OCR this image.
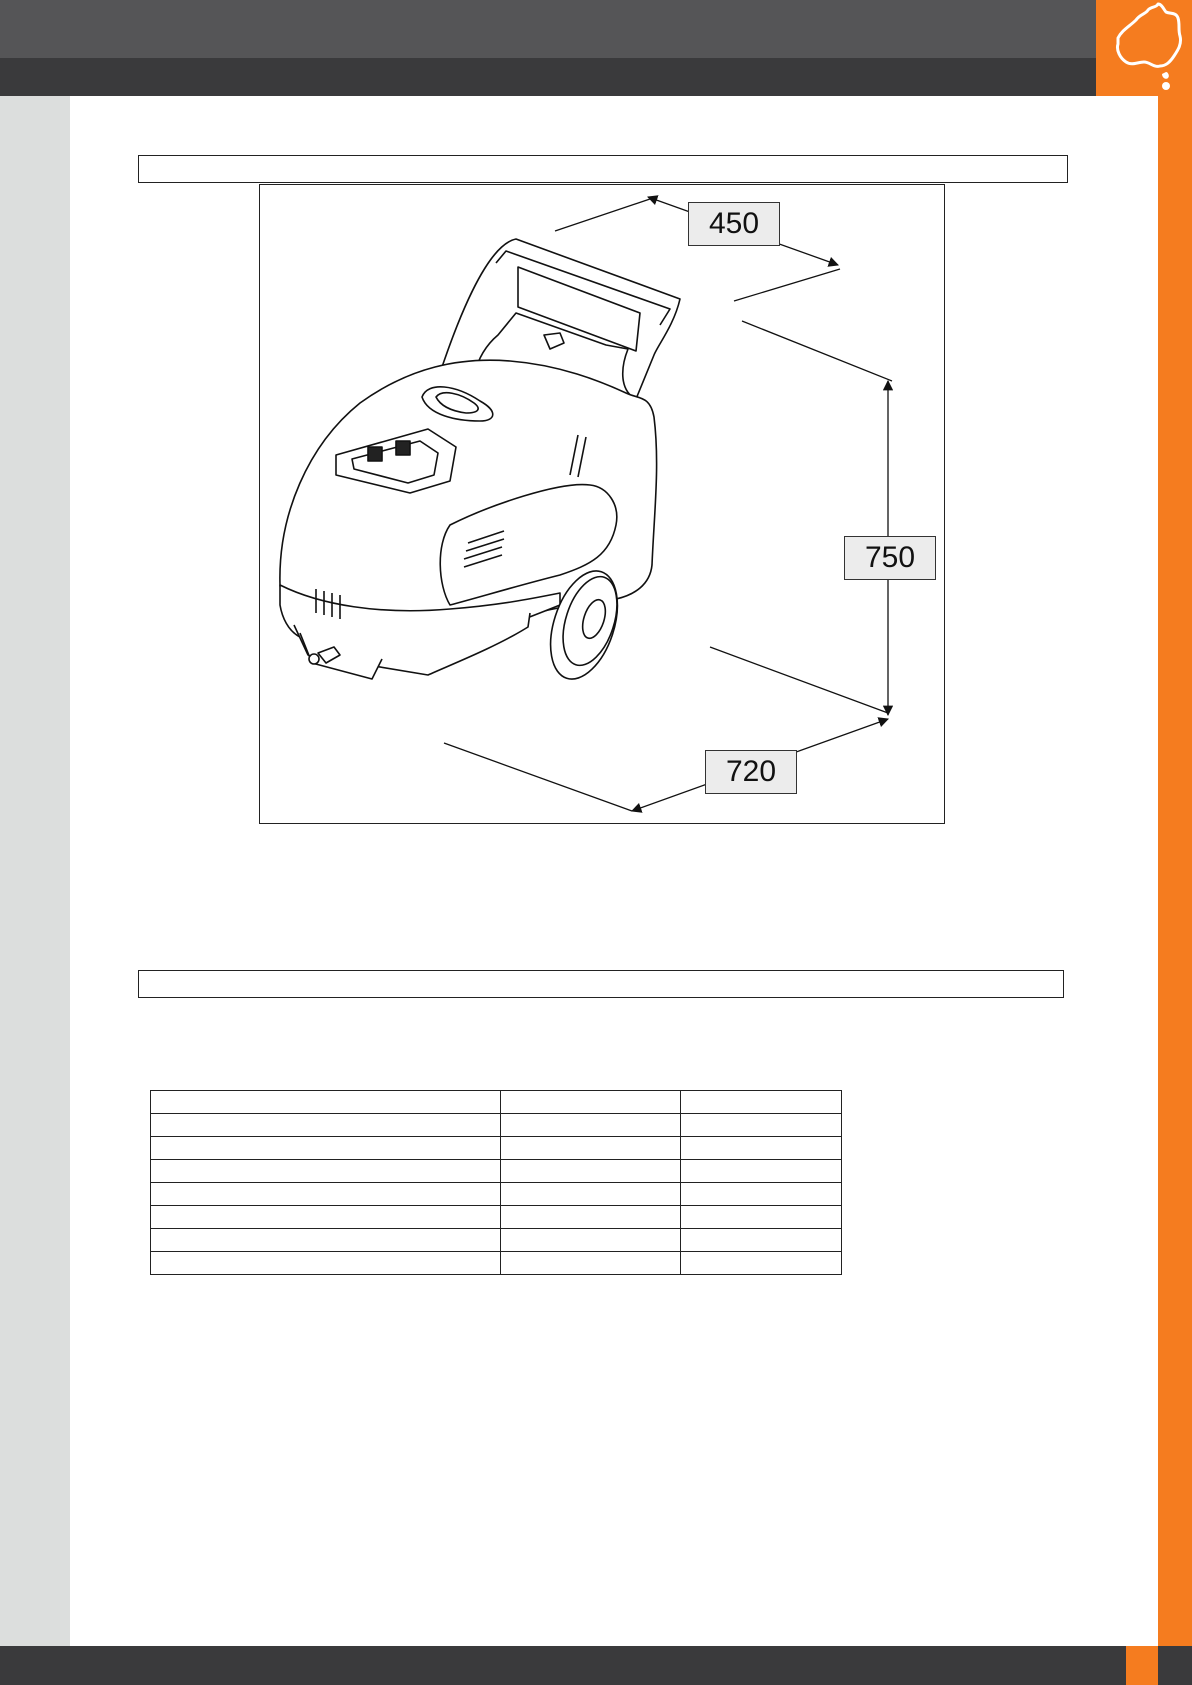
450
750
720
